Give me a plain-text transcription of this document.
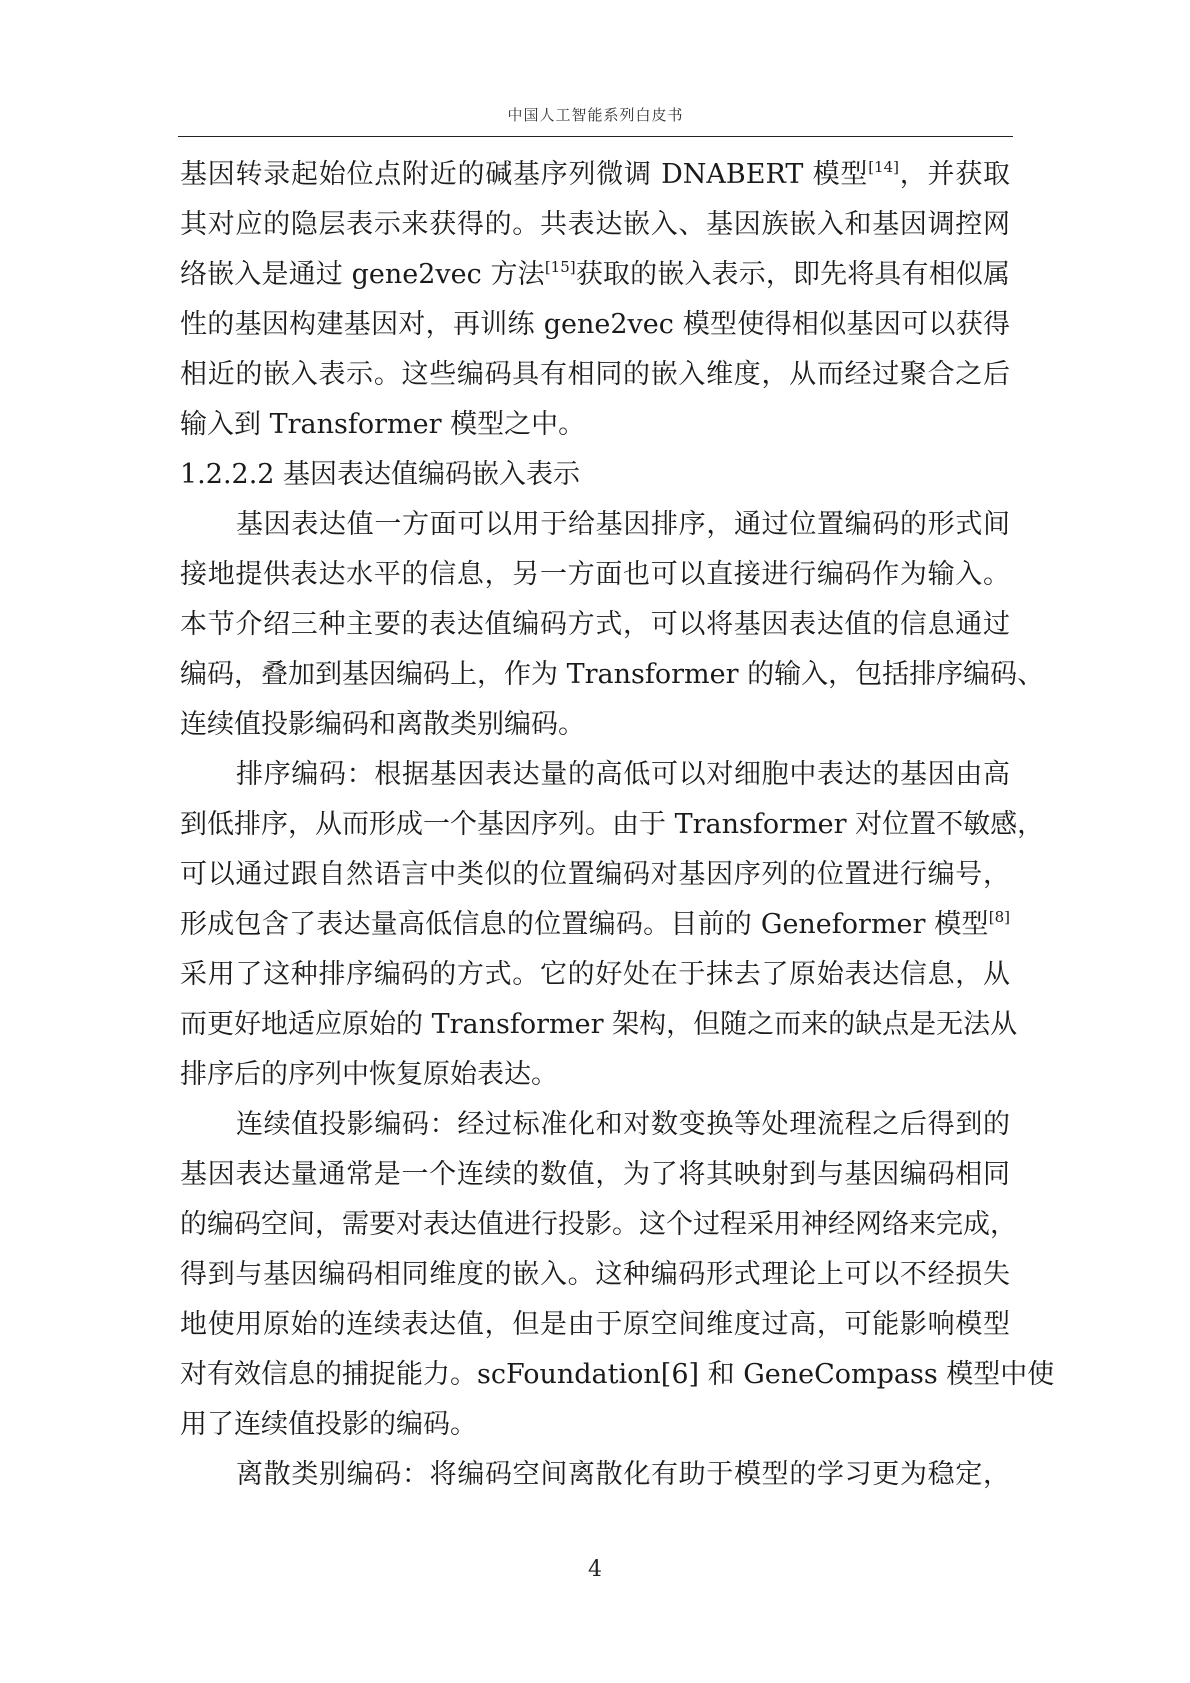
中国人工智能系列白皮书
基因转录起始位点附近的碱基序列微调 DNABERT 模型[14]，并获取
其对应的隐层表示来获得的。共表达嵌入、基因族嵌入和基因调控网
络嵌入是通过 gene2vec 方法[15]获取的嵌入表示，即先将具有相似属
性的基因构建基因对，再训练 gene2vec 模型使得相似基因可以获得
相近的嵌入表示。这些编码具有相同的嵌入维度，从而经过聚合之后
输入到 Transformer 模型之中。
1.2.2.2 基因表达值编码嵌入表示
基因表达值一方面可以用于给基因排序，通过位置编码的形式间
接地提供表达水平的信息，另一方面也可以直接进行编码作为输入。
本节介绍三种主要的表达值编码方式，可以将基因表达值的信息通过
编码，叠加到基因编码上，作为 Transformer 的输入，包括排序编码、
连续值投影编码和离散类别编码。
排序编码：根据基因表达量的高低可以对细胞中表达的基因由高
到低排序，从而形成一个基因序列。由于 Transformer 对位置不敏感，
可以通过跟自然语言中类似的位置编码对基因序列的位置进行编号，
形成包含了表达量高低信息的位置编码。目前的 Geneformer 模型[8]
采用了这种排序编码的方式。它的好处在于抹去了原始表达信息，从
而更好地适应原始的 Transformer 架构，但随之而来的缺点是无法从
排序后的序列中恢复原始表达。
连续值投影编码：经过标准化和对数变换等处理流程之后得到的
基因表达量通常是一个连续的数值，为了将其映射到与基因编码相同
的编码空间，需要对表达值进行投影。这个过程采用神经网络来完成，
得到与基因编码相同维度的嵌入。这种编码形式理论上可以不经损失
地使用原始的连续表达值，但是由于原空间维度过高，可能影响模型
对有效信息的捕捉能力。scFoundation[6] 和 GeneCompass 模型中使
用了连续值投影的编码。
离散类别编码：将编码空间离散化有助于模型的学习更为稳定，
4
